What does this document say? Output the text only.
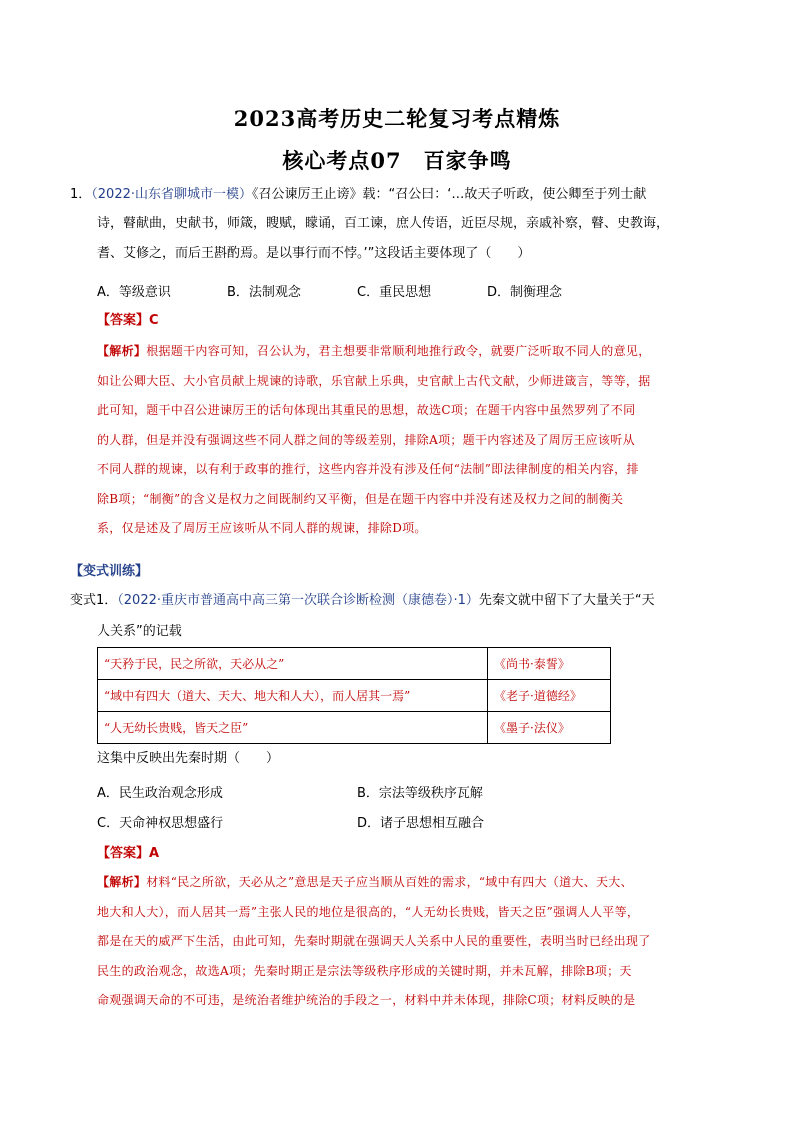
2023高考历史二轮复习考点精炼
核心考点07　百家争鸣
1．（2022·山东省聊城市一模）《召公谏厉王止谤》载：“召公曰：‘…故天子听政，使公卿至于列士献
诗，瞽献曲，史献书，师箴，瞍赋，矇诵，百工谏，庶人传语，近臣尽规，亲戚补察，瞽、史教诲，
耆、艾修之，而后王斟酌焉。是以事行而不悖。’”这段话主要体现了（　　）
A．等级意识	B．法制观念	C．重民思想	D．制衡理念
【答案】C
【解析】根据题干内容可知，召公认为，君主想要非常顺利地推行政令，就要广泛听取不同人的意见，
如让公卿大臣、大小官员献上规谏的诗歌，乐官献上乐典，史官献上古代文献，少师进箴言，等等，据
此可知，题干中召公进谏厉王的话句体现出其重民的思想，故选C项；在题干内容中虽然罗列了不同
的人群，但是并没有强调这些不同人群之间的等级差别，排除A项；题干内容述及了周厉王应该听从
不同人群的规谏，以有利于政事的推行，这些内容并没有涉及任何“法制”即法律制度的相关内容，排
除B项；“制衡”的含义是权力之间既制约又平衡，但是在题干内容中并没有述及权力之间的制衡关
系，仅是述及了周厉王应该听从不同人群的规谏，排除D项。
【变式训练】
变式1．（2022·重庆市普通高中高三第一次联合诊断检测（康德卷）·1）先秦文就中留下了大量关于“天
人关系”的记载
“天矜于民，民之所欲，天必从之”	《尚书·泰誓》
“域中有四大（道大、天大、地大和人大），而人居其一焉”	《老子·道德经》
“人无幼长贵贱，皆天之臣”	《墨子·法仪》
这集中反映出先秦时期（　　）
A．民生政治观念形成	B．宗法等级秩序瓦解
C．天命神权思想盛行	D．诸子思想相互融合
【答案】A
【解析】材料“民之所欲，天必从之”意思是天子应当顺从百姓的需求，“域中有四大（道大、天大、
地大和人大），而人居其一焉”主张人民的地位是很高的，“人无幼长贵贱，皆天之臣”强调人人平等，
都是在天的威严下生活，由此可知，先秦时期就在强调天人关系中人民的重要性，表明当时已经出现了
民生的政治观念，故选A项；先秦时期正是宗法等级秩序形成的关键时期，并未瓦解，排除B项；天
命观强调天命的不可违，是统治者维护统治的手段之一，材料中并未体现，排除C项；材料反映的是
